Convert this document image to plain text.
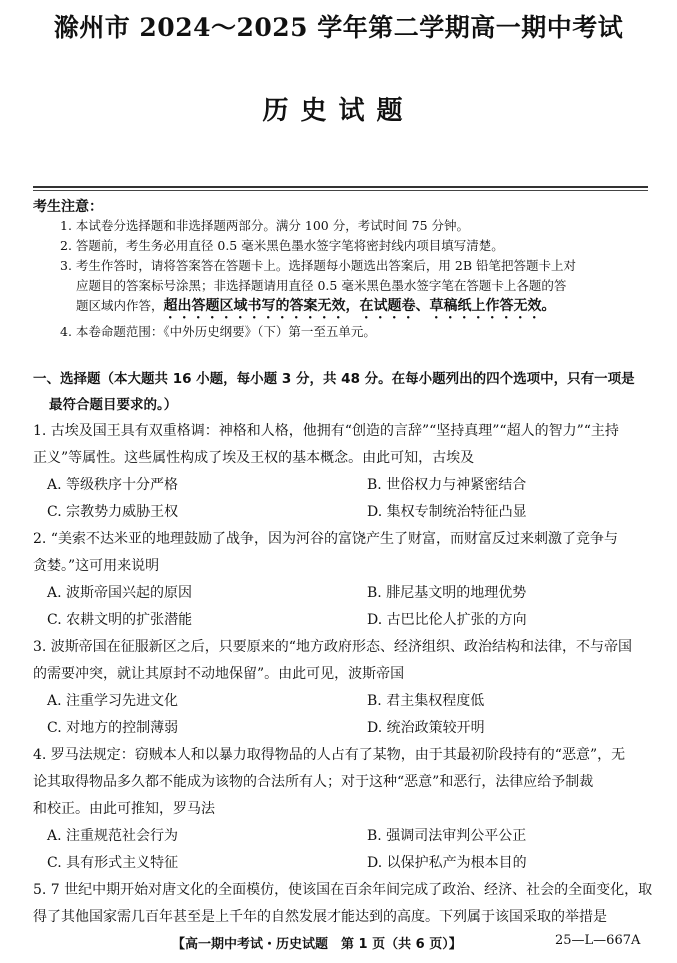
滁州市 2024～2025 学年第二学期高一期中考试
历史试题
考生注意：

1. 本试卷分选择题和非选择题两部分。满分 100 分，考试时间 75 分钟。

2. 答题前，考生务必用直径 0.5 毫米黑色墨水签字笔将密封线内项目填写清楚。

3. 考生作答时，请将答案答在答题卡上。选择题每小题选出答案后，用 2B 铅笔把答题卡上对

应题目的答案标号涂黑；非选择题请用直径 0.5 毫米黑色墨水签字笔在答题卡上各题的答

题区域内作答，超出答题区域书写的答案无效，在试题卷、草稿纸上作答无效。

4. 本卷命题范围：《中外历史纲要》（下）第一至五单元。

一、选择题（本大题共 16 小题，每小题 3 分，共 48 分。在每小题列出的四个选项中，只有一项是
最符合题目要求的。）

1. 古埃及国王具有双重格调：神格和人格，他拥有“创造的言辞”“坚持真理”“超人的智力”“主持

正义”等属性。这些属性构成了埃及王权的基本概念。由此可知，古埃及

A. 等级秩序十分严格	B. 世俗权力与神紧密结合
C. 宗教势力威胁王权	D. 集权专制统治特征凸显

2. “美索不达米亚的地理鼓励了战争，因为河谷的富饶产生了财富，而财富反过来刺激了竞争与

贪婪。”这可用来说明

A. 波斯帝国兴起的原因	B. 腓尼基文明的地理优势
C. 农耕文明的扩张潜能	D. 古巴比伦人扩张的方向

3. 波斯帝国在征服新区之后，只要原来的“地方政府形态、经济组织、政治结构和法律，不与帝国

的需要冲突，就让其原封不动地保留”。由此可见，波斯帝国

A. 注重学习先进文化	B. 君主集权程度低
C. 对地方的控制薄弱	D. 统治政策较开明

4. 罗马法规定：窃贼本人和以暴力取得物品的人占有了某物，由于其最初阶段持有的“恶意”，无

论其取得物品多久都不能成为该物的合法所有人；对于这种“恶意”和恶行，法律应给予制裁

和校正。由此可推知，罗马法

A. 注重规范社会行为	B. 强调司法审判公平公正
C. 具有形式主义特征	D. 以保护私产为根本目的

5. 7 世纪中期开始对唐文化的全面模仿，使该国在百余年间完成了政治、经济、社会的全面变化，取

得了其他国家需几百年甚至是上千年的自然发展才能达到的高度。下列属于该国采取的举措是

【高一期中考试・历史试题　第 1 页（共 6 页）】	25—L—667A
